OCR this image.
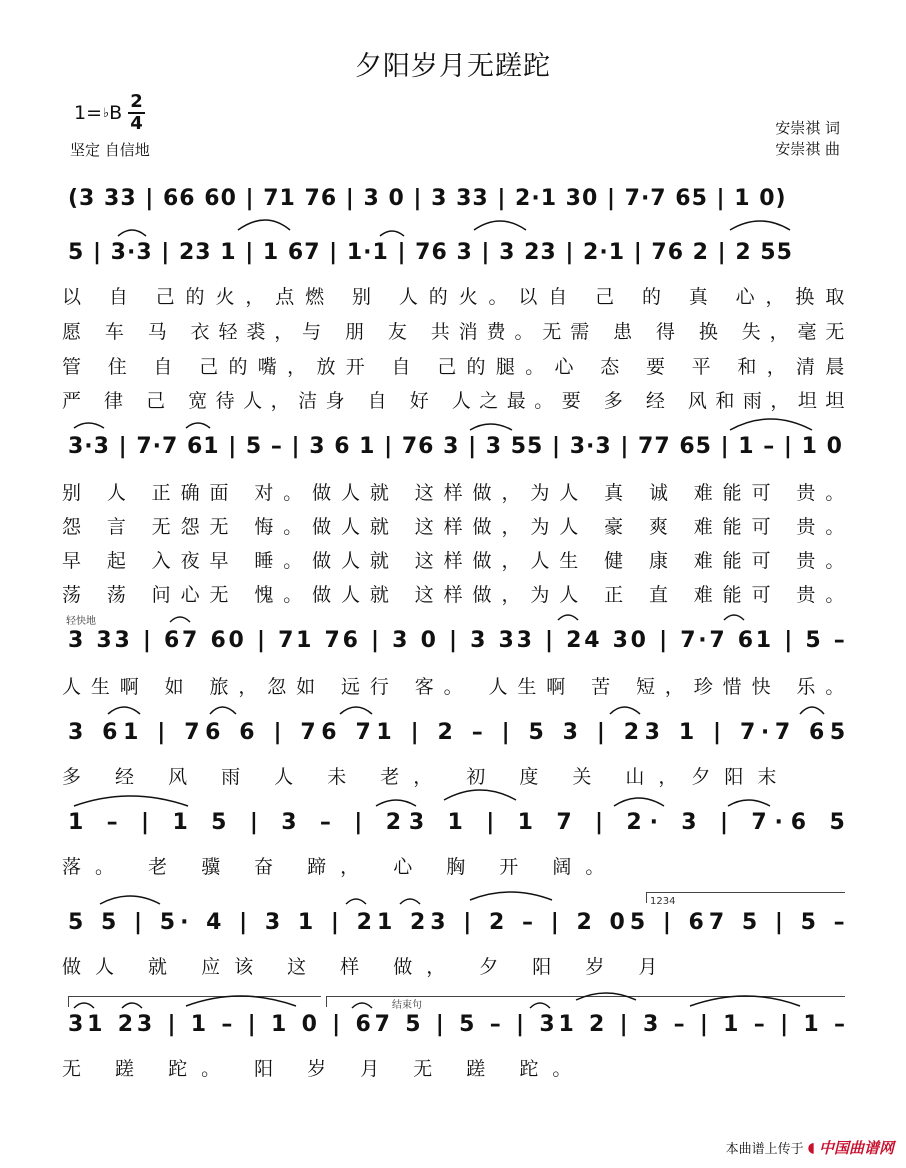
夕阳岁月无蹉跎
1= ♭ B $\frac{2}{4}$
坚定 自信地
安崇祺 词
安崇祺 曲
(3 33 | 66 60 | 71 76 | 3 0 | 3 33 | 2·1 30 | 7·7 65 | 1 0)
5 | 3·3 | 23 1 | 1 67 | 1·1 | 76 3 | 3 23 | 2·1 | 76 2 | 2 55
以 自 己的火，点燃 别 人的火。以自 己 的 真 心，换取
愿 车 马 衣轻裘，与 朋 友 共消费。无需 患 得 换 失，毫无
管 住 自 己的嘴，放开 自 己的腿。心 态 要 平 和，清晨
严 律 己 宽待人，洁身 自 好 人之最。要 多 经 风和雨，坦坦
3·3 | 7·7 61 | 5 – | 3 6 1 | 76 3 | 3 55 | 3·3 | 77 65 | 1 – | 1 0
别 人 正确面 对。做人就 这样做，为人 真 诚 难能可 贵。
怨 言 无怨无 悔。做人就 这样做，为人 豪 爽 难能可 贵。
早 起 入夜早 睡。做人就 这样做，人生 健 康 难能可 贵。
荡 荡 问心无 愧。做人就 这样做，为人 正 直 难能可 贵。
轻快地
3 33 | 67 60 | 71 76 | 3 0 | 3 33 | 24 30 | 7·7 61 | 5 –
人生啊 如 旅，忽如 远行 客。 人生啊 苦 短，珍惜快 乐。
3 61 | 76 6 | 76 71 | 2 – | 5 3 | 23 1 | 7·7 65
多 经 风 雨 人 未 老， 初 度 关 山，夕阳末
1 – | 1 5 | 3 – | 23 1 | 1 7 | 2· 3 | 7·6 5
落。 老 骥 奋 蹄， 心 胸 开 阔。
1234
5 5 | 5· 4 | 3 1 | 21 23 | 2 – | 2 05 | 67 5 | 5 –
做人 就 应该 这 样 做， 夕 阳 岁 月
结束句
31 23 | 1 – | 1 0 | 67 5 | 5 – | 31 2 | 3 – | 1 – | 1 –
无 蹉 跎。 阳 岁 月 无 蹉 跎。
本曲谱上传于 ◖ 中国曲谱网
